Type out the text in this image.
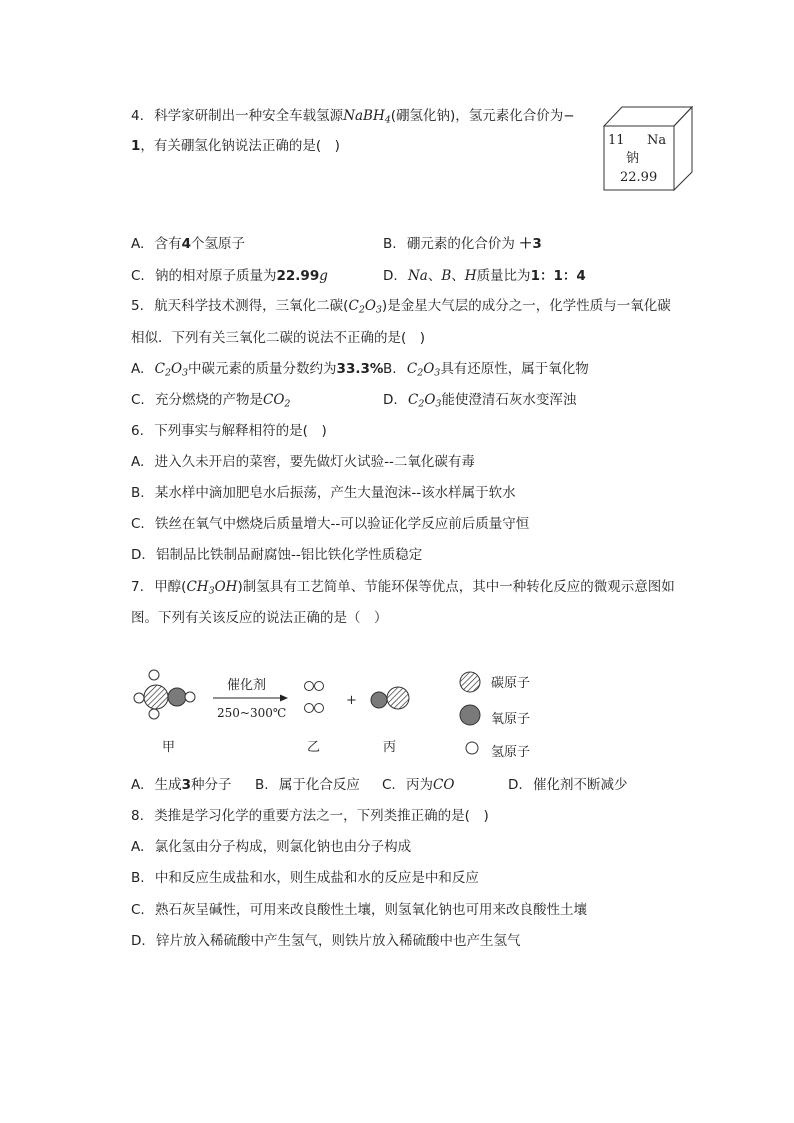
4. 科学家研制出一种安全车载氢源NaBH$_4$(硼氢化钠)，氢元素化合价为−
1，有关硼氢化钠说法正确的是(　)	11 Na
钠
22.99
A. 含有4个氢原子	B. 硼元素的化合价为 ＋3
C. 钠的相对原子质量为22.99g	D. Na、B、H质量比为1：1：4
5. 航天科学技术测得，三氧化二碳$(C_2O_3)$是金星大气层的成分之一，化学性质与一氧化碳
相似．下列有关三氧化二碳的说法不正确的是(　)
A. $C_2O_3$中碳元素的质量分数约为33.3% B. $C_2O_3$具有还原性，属于氧化物
C. 充分燃烧的产物是$CO_2$	D. $C_2O_3$能使澄清石灰水变浑浊
6. 下列事实与解释相符的是(　)
A. 进入久未开启的菜窖，要先做灯火试验--二氧化碳有毒
B. 某水样中滴加肥皂水后振荡，产生大量泡沫--该水样属于软水
C. 铁丝在氧气中燃烧后质量增大--可以验证化学反应前后质量守恒
D. 铝制品比铁制品耐腐蚀--铝比铁化学性质稳定
7. 甲醇$(CH_3OH)$制氢具有工艺简单、节能环保等优点，其中一种转化反应的微观示意图如
图。下列有关该反应的说法正确的是（　）
催化剂
250~300℃
+
甲	乙	丙
碳原子
氧原子
氢原子
A. 生成3种分子 B. 属于化合反应 C. 丙为CO	D. 催化剂不断减少
8. 类推是学习化学的重要方法之一，下列类推正确的是(　)
A. 氯化氢由分子构成，则氯化钠也由分子构成
B. 中和反应生成盐和水，则生成盐和水的反应是中和反应
C. 熟石灰呈碱性，可用来改良酸性土壤，则氢氧化钠也可用来改良酸性土壤
D. 锌片放入稀硫酸中产生氢气，则铁片放入稀硫酸中也产生氢气
